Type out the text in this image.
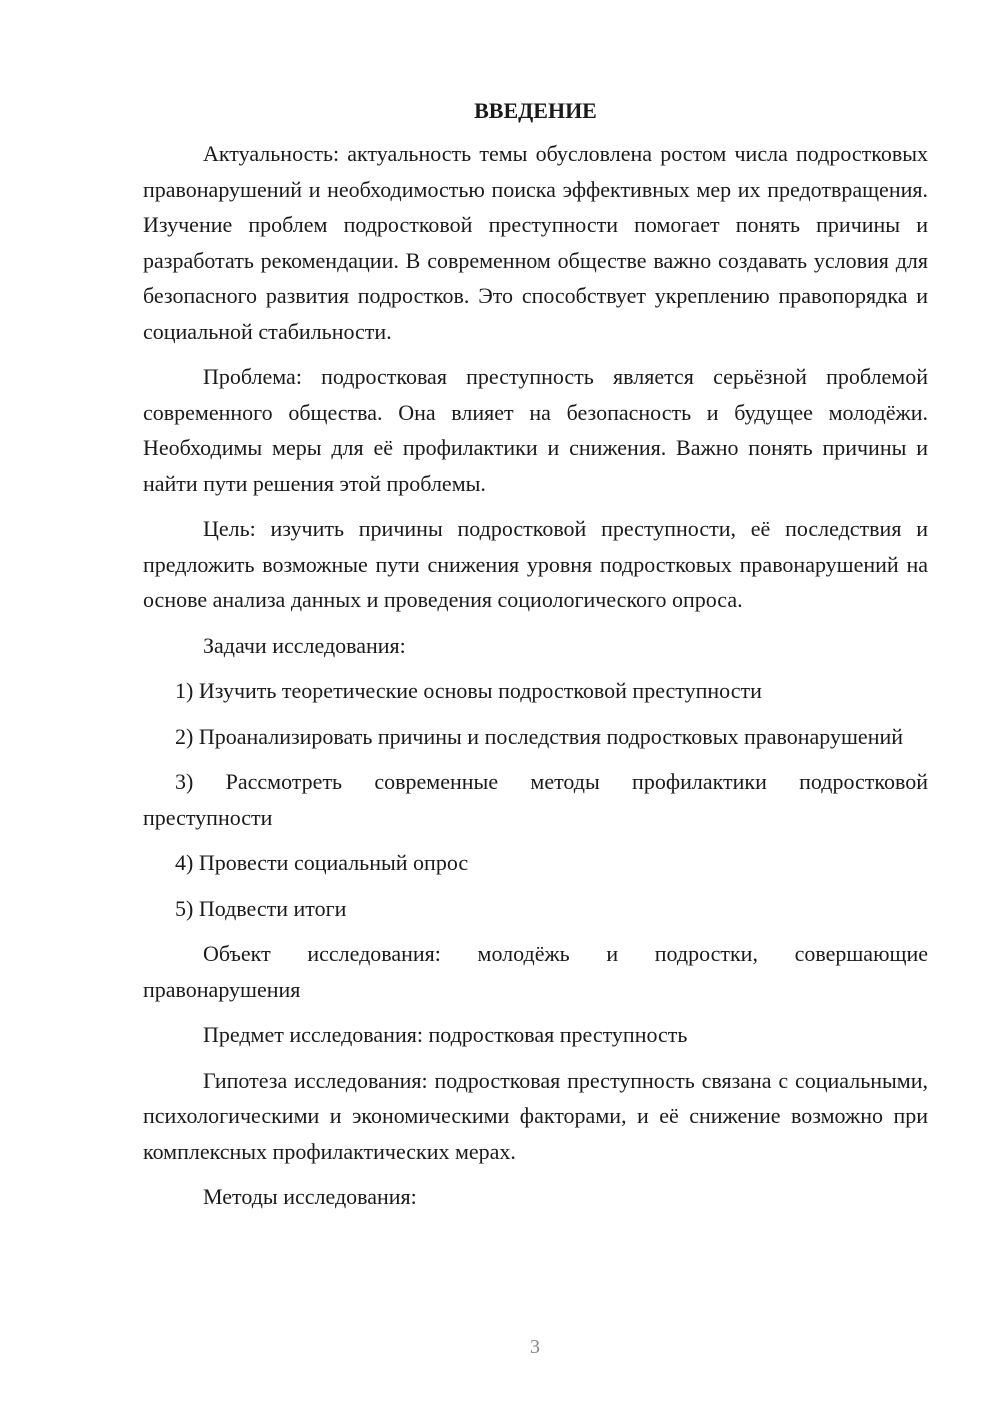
ВВЕДЕНИЕ

Актуальность: актуальность темы обусловлена ростом числа подростковых правонарушений и необходимостью поиска эффективных мер их предотвращения. Изучение проблем подростковой преступности помогает понять причины и разработать рекомендации. В современном обществе важно создавать условия для безопасного развития подростков. Это способствует укреплению правопорядка и социальной стабильности.

Проблема: подростковая преступность является серьёзной проблемой современного общества. Она влияет на безопасность и будущее молодёжи. Необходимы меры для её профилактики и снижения. Важно понять причины и найти пути решения этой проблемы.

Цель: изучить причины подростковой преступности, её последствия и предложить возможные пути снижения уровня подростковых правонарушений на основе анализа данных и проведения социологического опроса.

Задачи исследования:

1) Изучить теоретические основы подростковой преступности

2) Проанализировать причины и последствия подростковых правонарушений

3) Рассмотреть современные методы профилактики подростковой преступности

4) Провести социальный опрос

5) Подвести итоги

Объект исследования: молодёжь и подростки, совершающие правонарушения

Предмет исследования: подростковая преступность

Гипотеза исследования: подростковая преступность связана с социальными, психологическими и экономическими факторами, и её снижение возможно при комплексных профилактических мерах.

Методы исследования:

3
